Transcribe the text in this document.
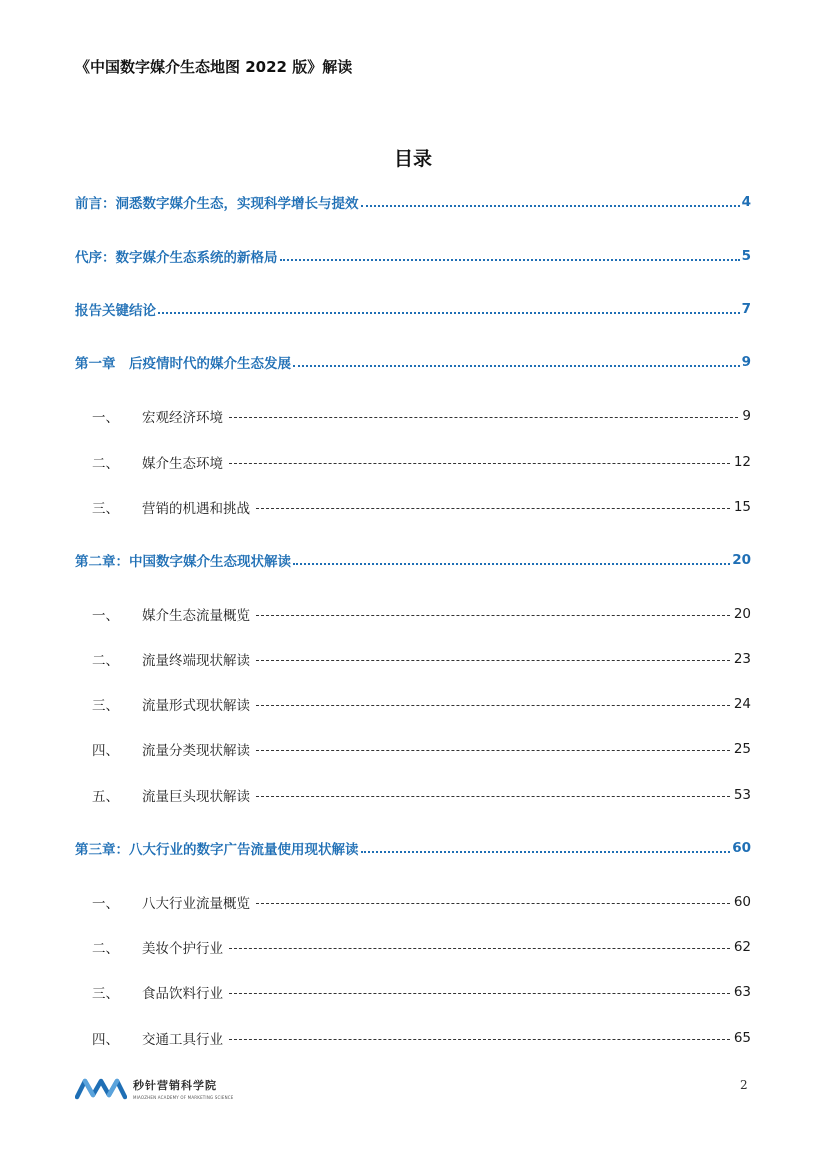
《中国数字媒介生态地图 2022 版》解读
目录
前言：洞悉数字媒介生态，实现科学增长与提效	4
代序：数字媒介生态系统的新格局	5
报告关键结论	7
第一章　后疫情时代的媒介生态发展	9
一、	宏观经济环境	9
二、	媒介生态环境	12
三、	营销的机遇和挑战	15
第二章：中国数字媒介生态现状解读	20
一、	媒介生态流量概览	20
二、	流量终端现状解读	23
三、	流量形式现状解读	24
四、	流量分类现状解读	25
五、	流量巨头现状解读	53
第三章：八大行业的数字广告流量使用现状解读	60
一、	八大行业流量概览	60
二、	美妆个护行业	62
三、	食品饮料行业	63
四、	交通工具行业	65
秒针营销科学院
MIAOZHEN ACADEMY OF MARKETING SCIENCE
2
